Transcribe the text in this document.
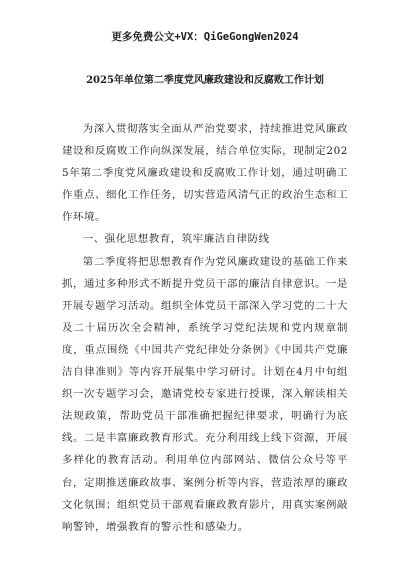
更多免费公文+VX：QiGeGongWen2024

2025年单位第二季度党风廉政建设和反腐败工作计划

为深入贯彻落实全面从严治党要求，持续推进党风廉政建设和反腐败工作向纵深发展，结合单位实际，现制定2025年第二季度党风廉政建设和反腐败工作计划，通过明确工作重点、细化工作任务，切实营造风清气正的政治生态和工作环境。

一、强化思想教育，筑牢廉洁自律防线

第二季度将把思想教育作为党风廉政建设的基础工作来抓，通过多种形式不断提升党员干部的廉洁自律意识。一是开展专题学习活动。组织全体党员干部深入学习党的二十大及二十届历次全会精神，系统学习党纪法规和党内规章制度，重点围绕《中国共产党纪律处分条例》《中国共产党廉洁自律准则》等内容开展集中学习研讨。计划在4月中旬组织一次专题学习会，邀请党校专家进行授课，深入解读相关法规政策，帮助党员干部准确把握纪律要求，明确行为底线。二是丰富廉政教育形式。充分利用线上线下资源，开展多样化的教育活动。利用单位内部网站、微信公众号等平台，定期推送廉政故事、案例分析等内容，营造浓厚的廉政文化氛围；组织党员干部观看廉政教育影片，用真实案例敲响警钟，增强教育的警示性和感染力。
